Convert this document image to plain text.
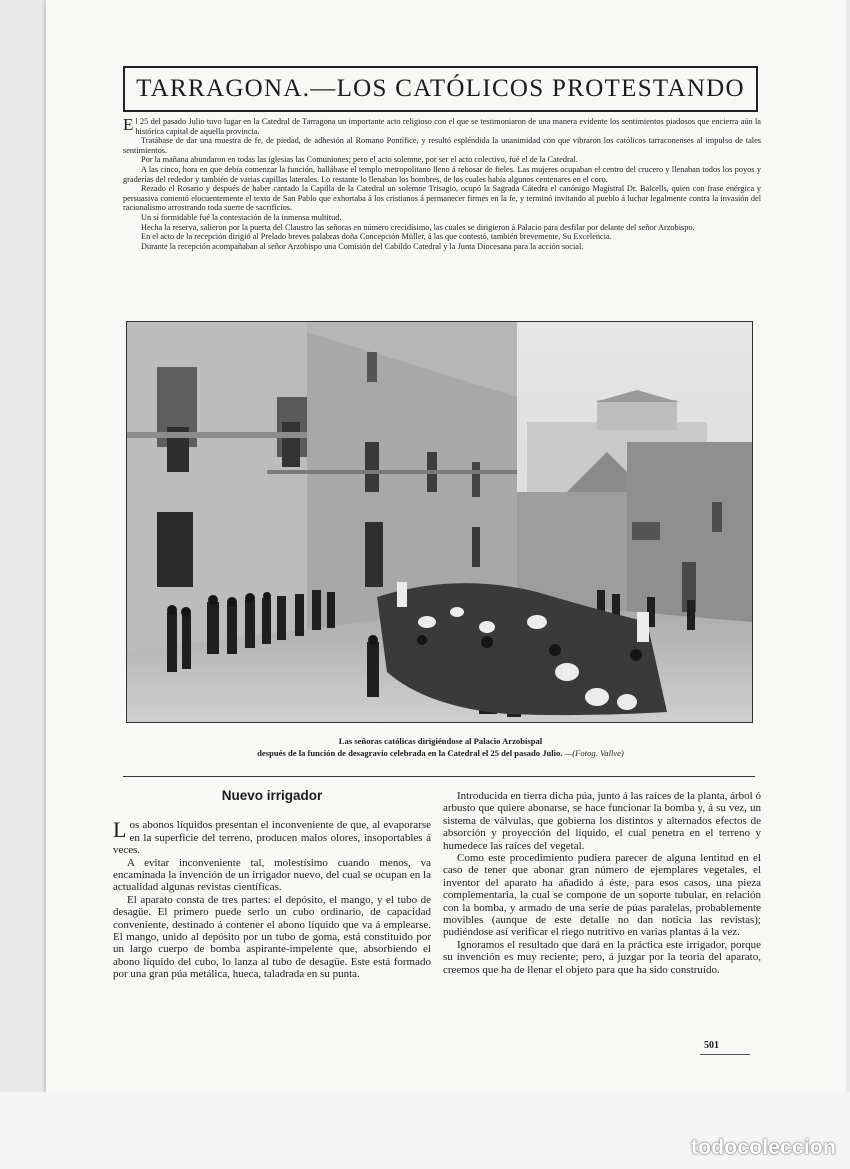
TARRAGONA.—LOS CATÓLICOS PROTESTANDO

El 25 del pasado Julio tuvo lugar en la Catedral de Tarragona un importante acto religioso con el que se testimoniaron de una manera evidente los sentimientos piadosos que encierra aún la histórica capital de aquella provincia.

Tratábase de dar una muestra de fe, de piedad, de adhesión al Romano Pontífice, y resultó espléndida la unanimidad con que vibraron los católicos tarraconenses al impulso de tales sentimientos.

Por la mañana abundaron en todas las iglesias las Comuniones; pero el acto solemne, por ser el acto colectivo, fué el de la Catedral.

A las cinco, hora en que debía comenzar la función, hallábase el templo metropolitano lleno á rebosar de fieles. Las mujeres ocupaban el centro del crucero y llenaban todos los poyos y graderías del rededor y también de varias capillas laterales. Lo restante lo llenaban los hombres, de los cuales había algunos centenares en el coro.

Rezado el Rosario y después de haber cantado la Capilla de la Catedral un solemne Trisagio, ocupó la Sagrada Cátedra el canónigo Magistral Dr. Balcells, quien con frase enérgica y persuasiva comentó elocuentemente el texto de San Pablo que exhortaba á los cristianos á permanecer firmes en la fe, y terminó invitando al pueblo á luchar legalmente contra la invasión del racionalismo arrostrando toda suerte de sacrificios.

Un sí formidable fué la contestación de la inmensa multitud.

Hecha la reserva, salieron por la puerta del Claustro las señoras en número crecidísimo, las cuales se dirigieron á Palacio para desfilar por delante del señor Arzobispo.

En el acto de la recepción dirigió al Prelado breves palabras doña Concepción Müller, á las que contestó, también brevemente, Su Excelencia.

Durante la recepción acompañaban al señor Arzobispo una Comisión del Cabildo Catedral y la Junta Diocesana para la acción social.

Las señoras católicas dirigiéndose al Palacio Arzobispal
después de la función de desagravio celebrada en la Catedral el 25 del pasado Julio. —(Fotog. Vallve)
Nuevo irrigador

Los abonos líquidos presentan el inconveniente de que, al evaporarse en la superficie del terreno, producen malos olores, insoportables á veces.

A evitar inconveniente tal, molestísimo cuando menos, va encaminada la invención de un irrigador nuevo, del cual se ocupan en la actualidad algunas revistas científicas.

El aparato consta de tres partes: el depósito, el mango, y el tubo de desagüe. El primero puede serlo un cubo ordinario, de capacidad conveniente, destinado á contener el abono líquido que va á emplearse. El mango, unido al depósito por un tubo de goma, está constituido por un largo cuerpo de bomba aspirante-impelente que, absorbiendo el abono líquido del cubo, lo lanza al tubo de desagüe. Este está formado por una gran púa metálica, hueca, taladrada en su punta.

Introducida en tierra dicha púa, junto á las raíces de la planta, árbol ó arbusto que quiere abonarse, se hace funcionar la bomba y, á su vez, un sistema de válvulas, que gobierna los distintos y alternados efectos de absorción y proyección del líquido, el cual penetra en el terreno y humedece las raíces del vegetal.

Como este procedimiento pudiera parecer de alguna lentitud en el caso de tener que abonar gran número de ejemplares vegetales, el inventor del aparato ha añadido á éste, para esos casos, una pieza complementaria, la cual se compone de un soporte tubular, en relación con la bomba, y armado de una serie de púas paralelas, probablemente movibles (aunque de este detalle no dan noticia las revistas); pudiéndose así verificar el riego nutritivo en varias plantas á la vez.

Ignoramos el resultado que dará en la práctica este irrigador, porque su invención es muy reciente; pero, á juzgar por la teoría del aparato, creemos que ha de llenar el objeto para que ha sido construído.

501
todocoleccion
